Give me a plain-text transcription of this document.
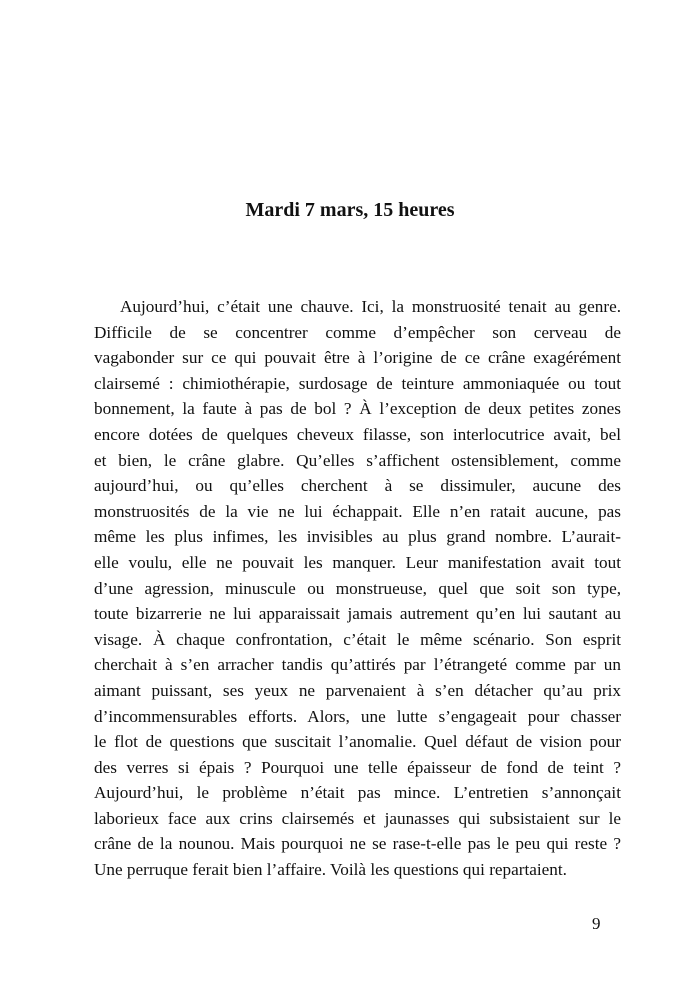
Mardi 7 mars, 15 heures
Aujourd’hui, c’était une chauve. Ici, la monstruosité tenait au genre.
Difficile de se concentrer comme d’empêcher son cerveau de
vagabonder sur ce qui pouvait être à l’origine de ce crâne exagérément
clairsemé : chimiothérapie, surdosage de teinture ammoniaquée ou tout
bonnement, la faute à pas de bol ? À l’exception de deux petites zones
encore dotées de quelques cheveux filasse, son interlocutrice avait, bel
et bien, le crâne glabre. Qu’elles s’affichent ostensiblement, comme
aujourd’hui, ou qu’elles cherchent à se dissimuler, aucune des
monstruosités de la vie ne lui échappait. Elle n’en ratait aucune, pas
même les plus infimes, les invisibles au plus grand nombre. L’aurait-
elle voulu, elle ne pouvait les manquer. Leur manifestation avait tout
d’une agression, minuscule ou monstrueuse, quel que soit son type,
toute bizarrerie ne lui apparaissait jamais autrement qu’en lui sautant au
visage. À chaque confrontation, c’était le même scénario. Son esprit
cherchait à s’en arracher tandis qu’attirés par l’étrangeté comme par un
aimant puissant, ses yeux ne parvenaient à s’en détacher qu’au prix
d’incommensurables efforts. Alors, une lutte s’engageait pour chasser
le flot de questions que suscitait l’anomalie. Quel défaut de vision pour
des verres si épais ? Pourquoi une telle épaisseur de fond de teint ?
Aujourd’hui, le problème n’était pas mince. L’entretien s’annonçait
laborieux face aux crins clairsemés et jaunasses qui subsistaient sur le
crâne de la nounou. Mais pourquoi ne se rase-t-elle pas le peu qui reste ?
Une perruque ferait bien l’affaire. Voilà les questions qui repartaient.
9
